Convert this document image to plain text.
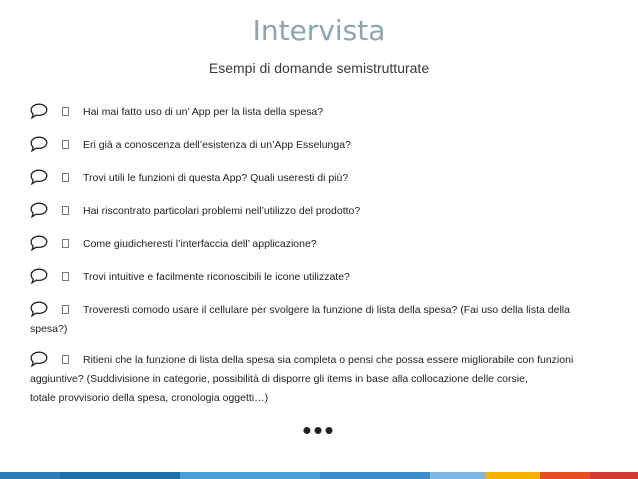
Intervista
Esempi di domande semistrutturate
Hai mai fatto uso di un’ App per la lista della spesa?
Eri già a conoscenza dell’esistenza di un’App Esselunga?
Trovi utili le funzioni di questa App? Quali useresti di più?
Hai riscontrato particolari problemi nell’utilizzo del prodotto?
Come giudicheresti l’interfaccia dell’ applicazione?
Trovi intuitive e facilmente riconoscibili le icone utilizzate?
Troveresti comodo usare il cellulare per svolgere la funzione di lista della spesa? (Fai uso della lista della
spesa?)
Ritieni che la funzione di lista della spesa sia completa o pensi che possa essere migliorabile con funzioni
aggiuntive? (Suddivisione in categorie, possibilità di disporre gli items in base alla collocazione delle corsie,
totale provvisorio della spesa, cronologia oggetti…)
•••
